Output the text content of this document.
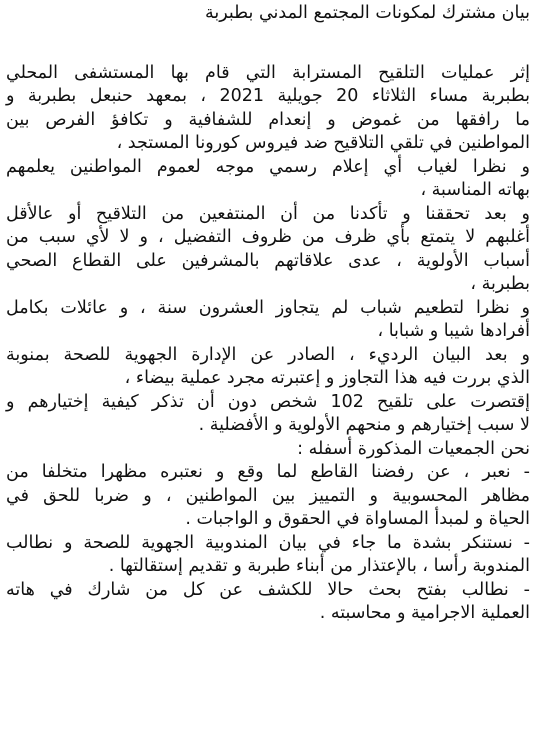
بيان مشترك لمكونات المجتمع المدني بطبربة
إثر عمليات التلقيح المسترابة التي قام بها المستشفى المحلي
بطبربة مساء الثلاثاء 20 جويلية 2021 ، بمعهد حنبعل بطبربة و
ما رافقها من غموض و إنعدام للشفافية و تكافؤ الفرص بين
المواطنين في تلقي التلاقيح ضد فيروس كورونا المستجد ،
و نظرا لغياب أي إعلام رسمي موجه لعموم المواطنين يعلمهم
بهاته المناسبة ،
و بعد تحققنا و تأكدنا من أن المنتفعين من التلاقيح أو عالأقل
أغلبهم لا يتمتع بأي ظرف من ظروف التفضيل ، و لا لأي سبب من
أسباب الأولوية ، عدى علاقاتهم بالمشرفين على القطاع الصحي
بطبربة ،
و نظرا لتطعيم شباب لم يتجاوز العشرون سنة ، و عائلات بكامل
أفرادها شيبا و شبابا ،
و بعد البيان الرديء ، الصادر عن الإدارة الجهوية للصحة بمنوبة
الذي بررت فيه هذا التجاوز و إعتبرته مجرد عملية بيضاء ،
إقتصرت على تلقيح 102 شخص دون أن تذكر كيفية إختيارهم و
لا سبب إختيارهم و منحهم الأولوية و الأفضلية .
نحن الجمعيات المذكورة أسفله :
- نعبر ، عن رفضنا القاطع لما وقع و نعتبره مظهرا متخلفا من
مظاهر المحسوبية و التمييز بين المواطنين ، و ضربا للحق في
الحياة و لمبدأ المساواة في الحقوق و الواجبات .
- نستنكر بشدة ما جاء في بيان المندوبية الجهوية للصحة و نطالب
المندوبة رأسا ، بالإعتذار من أبناء طبربة و تقديم إستقالتها .
- نطالب بفتح بحث حالا للكشف عن كل من شارك في هاته
العملية الاجرامية و محاسبته .
